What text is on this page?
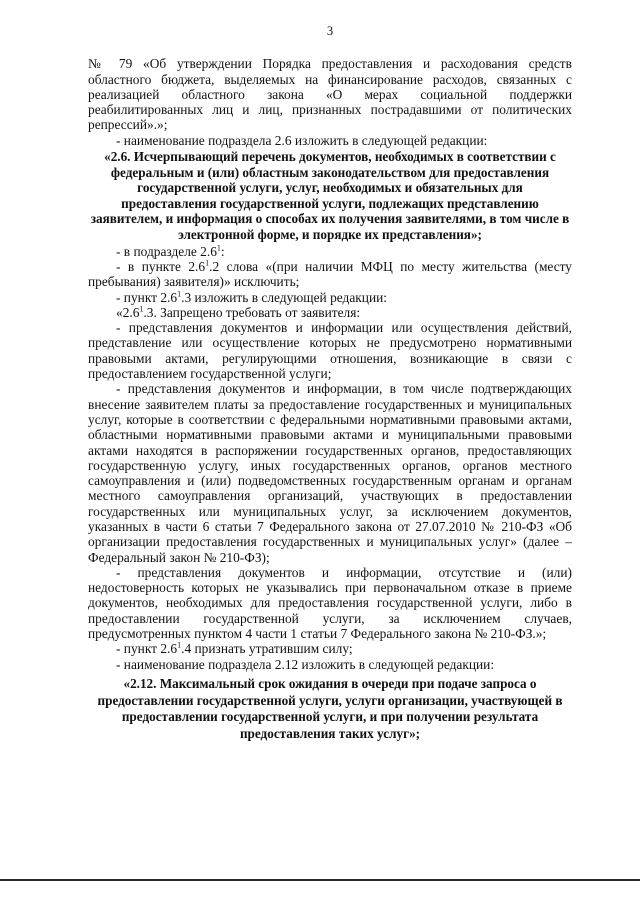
3

№ 79 «Об утверждении Порядка предоставления и расходования средств областного бюджета, выделяемых на финансирование расходов, связанных с реализацией областного закона «О мерах социальной поддержки реабилитированных лиц и лиц, признанных пострадавшими от политических репрессий».»;

- наименование подраздела 2.6 изложить в следующей редакции:

«2.6. Исчерпывающий перечень документов, необходимых в соответствии с федеральным и (или) областным законодательством для предоставления государственной услуги, услуг, необходимых и обязательных для предоставления государственной услуги, подлежащих представлению заявителем, и информация о способах их получения заявителями, в том числе в электронной форме, и порядке их представления»;

- в подразделе $2.6^1$:

- в пункте $2.6^1.2$ слова «(при наличии МФЦ по месту жительства (месту пребывания) заявителя)» исключить;

- пункт $2.6^1.3$ изложить в следующей редакции:

«$2.6^1.3$. Запрещено требовать от заявителя:

- представления документов и информации или осуществления действий, представление или осуществление которых не предусмотрено нормативными правовыми актами, регулирующими отношения, возникающие в связи с предоставлением государственной услуги;

- представления документов и информации, в том числе подтверждающих внесение заявителем платы за предоставление государственных и муниципальных услуг, которые в соответствии с федеральными нормативными правовыми актами, областными нормативными правовыми актами и муниципальными правовыми актами находятся в распоряжении государственных органов, предоставляющих государственную услугу, иных государственных органов, органов местного самоуправления и (или) подведомственных государственным органам и органам местного самоуправления организаций, участвующих в предоставлении государственных или муниципальных услуг, за исключением документов, указанных в части 6 статьи 7 Федерального закона от 27.07.2010 № 210-ФЗ «Об организации предоставления государственных и муниципальных услуг» (далее – Федеральный закон № 210-ФЗ);

- представления документов и информации, отсутствие и (или) недостоверность которых не указывались при первоначальном отказе в приеме документов, необходимых для предоставления государственной услуги, либо в предоставлении государственной услуги, за исключением случаев, предусмотренных пунктом 4 части 1 статьи 7 Федерального закона № 210-ФЗ.»;

- пункт $2.6^1.4$ признать утратившим силу;

- наименование подраздела 2.12 изложить в следующей редакции:

«2.12. Максимальный срок ожидания в очереди при подаче запроса о предоставлении государственной услуги, услуги организации, участвующей в предоставлении государственной услуги, и при получении результата предоставления таких услуг»;
